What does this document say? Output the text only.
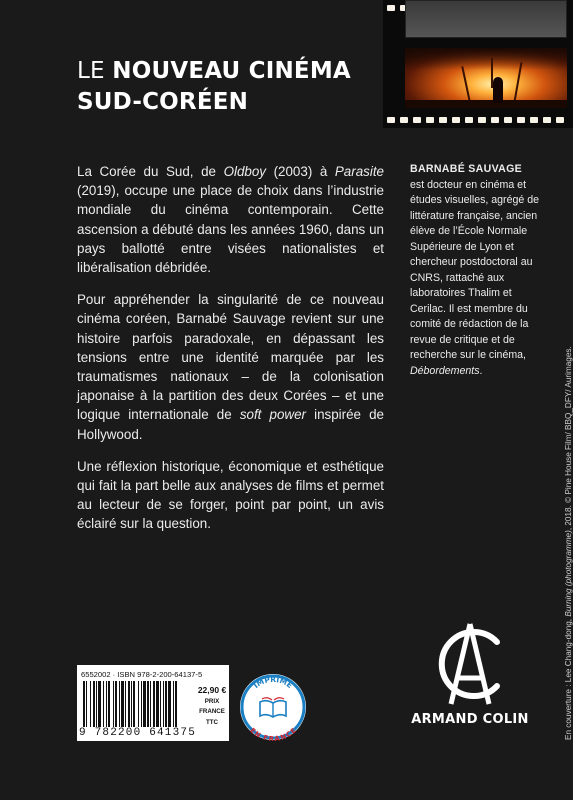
LE NOUVEAU CINÉMA
SUD-CORÉEN

La Corée du Sud, de Oldboy (2003) à Parasite (2019), occupe une place de choix dans l’industrie mondiale du cinéma contemporain. Cette ascension a débuté dans les années 1960, dans un pays ballotté entre visées nationalistes et libéralisation débridée.

Pour appréhender la singularité de ce nouveau cinéma coréen, Barnabé Sauvage revient sur une histoire parfois paradoxale, en dépassant les tensions entre une identité marquée par les traumatismes nationaux – de la colonisation japonaise à la partition des deux Corées – et une logique internationale de soft power inspirée de Hollywood.

Une réflexion historique, économique et esthétique qui fait la part belle aux analyses de films et permet au lecteur de se forger, point par point, un avis éclairé sur la question.

BARNABÉ SAUVAGE
est docteur en cinéma et études visuelles, agrégé de littérature française, ancien élève de l’École Normale Supérieure de Lyon et chercheur postdoctoral au CNRS, rattaché aux laboratoires Thalim et Cerilac. Il est membre du comité de rédaction de la revue de critique et de recherche sur le cinéma, Débordements.
En couverture : Lee Chang-dong, Burning (photogramme), 2018. © Pine House Film/ BBQ_DFY/ Aurimages.
ARMAND COLIN
6552002 · ISBN 978-2-200-64137-5
9 782200 641375
22,90 €
PRIX
FRANCE
TTC
IMPRIMÉ
EN FRANCE
